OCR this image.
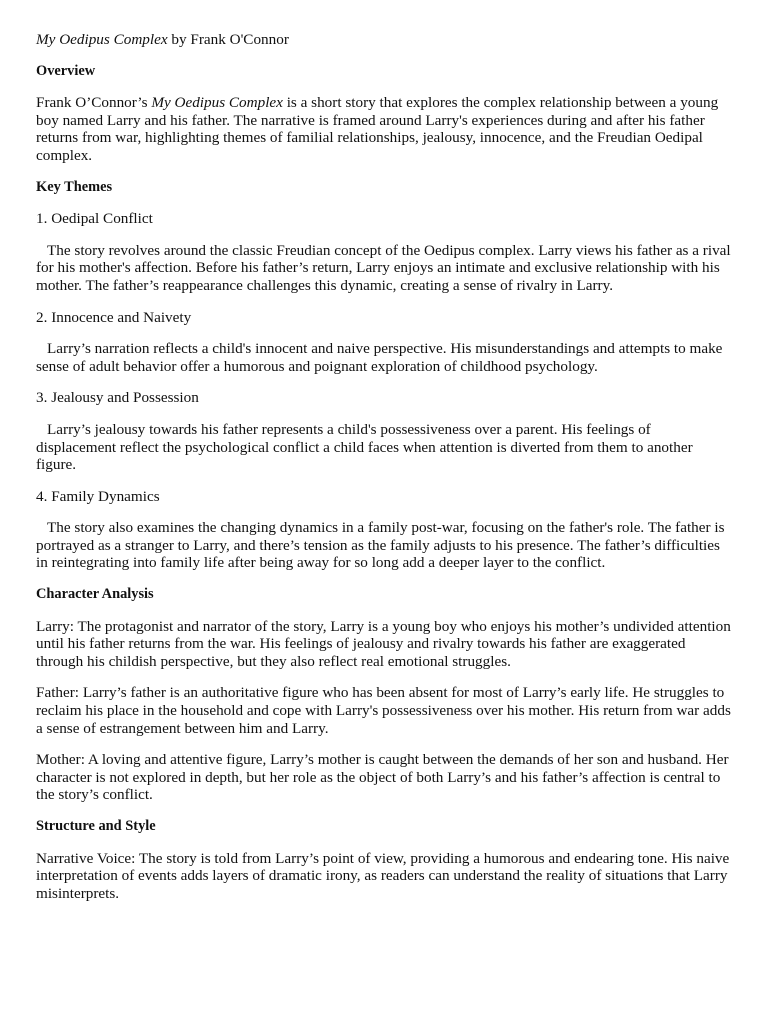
My Oedipus Complex by Frank O'Connor

Overview

Frank O’Connor’s My Oedipus Complex is a short story that explores the complex relationship between a young boy named Larry and his father. The narrative is framed around Larry's experiences during and after his father returns from war, highlighting themes of familial relationships, jealousy, innocence, and the Freudian Oedipal complex.

Key Themes

1. Oedipal Conflict

The story revolves around the classic Freudian concept of the Oedipus complex. Larry views his father as a rival for his mother's affection. Before his father’s return, Larry enjoys an intimate and exclusive relationship with his mother. The father’s reappearance challenges this dynamic, creating a sense of rivalry in Larry.

2. Innocence and Naivety

Larry’s narration reflects a child's innocent and naive perspective. His misunderstandings and attempts to make sense of adult behavior offer a humorous and poignant exploration of childhood psychology.

3. Jealousy and Possession

Larry’s jealousy towards his father represents a child's possessiveness over a parent. His feelings of displacement reflect the psychological conflict a child faces when attention is diverted from them to another figure.

4. Family Dynamics

The story also examines the changing dynamics in a family post-war, focusing on the father's role. The father is portrayed as a stranger to Larry, and there’s tension as the family adjusts to his presence. The father’s difficulties in reintegrating into family life after being away for so long add a deeper layer to the conflict.

Character Analysis

Larry: The protagonist and narrator of the story, Larry is a young boy who enjoys his mother’s undivided attention until his father returns from the war. His feelings of jealousy and rivalry towards his father are exaggerated through his childish perspective, but they also reflect real emotional struggles.

Father: Larry’s father is an authoritative figure who has been absent for most of Larry’s early life. He struggles to reclaim his place in the household and cope with Larry's possessiveness over his mother. His return from war adds a sense of estrangement between him and Larry.

Mother: A loving and attentive figure, Larry’s mother is caught between the demands of her son and husband. Her character is not explored in depth, but her role as the object of both Larry’s and his father’s affection is central to the story’s conflict.

Structure and Style

Narrative Voice: The story is told from Larry’s point of view, providing a humorous and endearing tone. His naive interpretation of events adds layers of dramatic irony, as readers can understand the reality of situations that Larry misinterprets.
